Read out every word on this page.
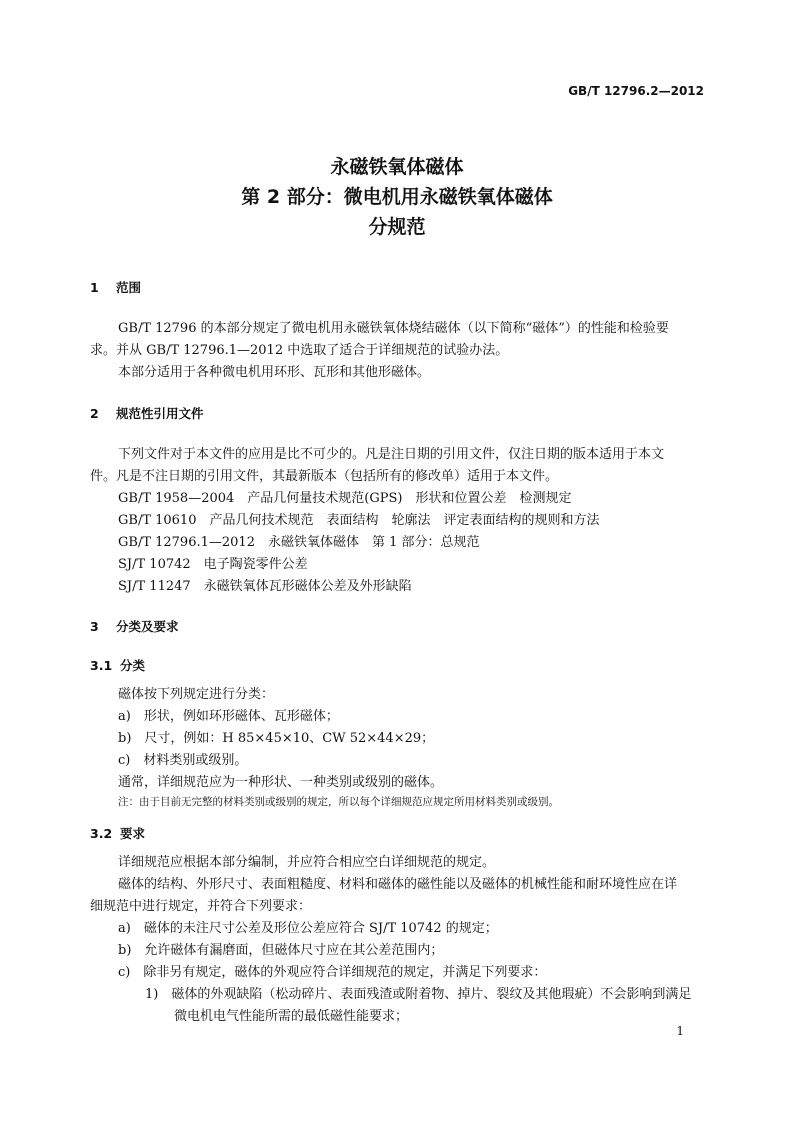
GB/T 12796.2—2012
永磁铁氧体磁体
第 2 部分：微电机用永磁铁氧体磁体
分规范
1 范围
GB/T 12796 的本部分规定了微电机用永磁铁氧体烧结磁体（以下简称“磁体”）的性能和检验要
求。并从 GB/T 12796.1—2012 中选取了适合于详细规范的试验办法。
本部分适用于各种微电机用环形、瓦形和其他形磁体。
2 规范性引用文件
下列文件对于本文件的应用是比不可少的。凡是注日期的引用文件，仅注日期的版本适用于本文
件。凡是不注日期的引用文件，其最新版本（包括所有的修改单）适用于本文件。
GB/T 1958—2004　产品几何量技术规范(GPS)　形状和位置公差　检测规定
GB/T 10610　产品几何技术规范　表面结构　轮廓法　评定表面结构的规则和方法
GB/T 12796.1—2012　永磁铁氧体磁体　第 1 部分：总规范
SJ/T 10742　电子陶瓷零件公差
SJ/T 11247　永磁铁氧体瓦形磁体公差及外形缺陷
3 分类及要求
3.1 分类
磁体按下列规定进行分类：
a)　形状，例如环形磁体、瓦形磁体；
b)　尺寸，例如：H 85×45×10、CW 52×44×29；
c)　材料类别或级别。
通常，详细规范应为一种形状、一种类别或级别的磁体。
注：由于目前无完整的材料类别或级别的规定，所以每个详细规范应规定所用材料类别或级别。
3.2 要求
详细规范应根据本部分编制，并应符合相应空白详细规范的规定。
磁体的结构、外形尺寸、表面粗糙度、材料和磁体的磁性能以及磁体的机械性能和耐环境性应在详
细规范中进行规定，并符合下列要求：
a)　磁体的未注尺寸公差及形位公差应符合 SJ/T 10742 的规定；
b)　允许磁体有漏磨面，但磁体尺寸应在其公差范围内；
c)　除非另有规定，磁体的外观应符合详细规范的规定，并满足下列要求：
1)　磁体的外观缺陷（松动碎片、表面残渣或附着物、掉片、裂纹及其他瑕疵）不会影响到满足
微电机电气性能所需的最低磁性能要求；
1
